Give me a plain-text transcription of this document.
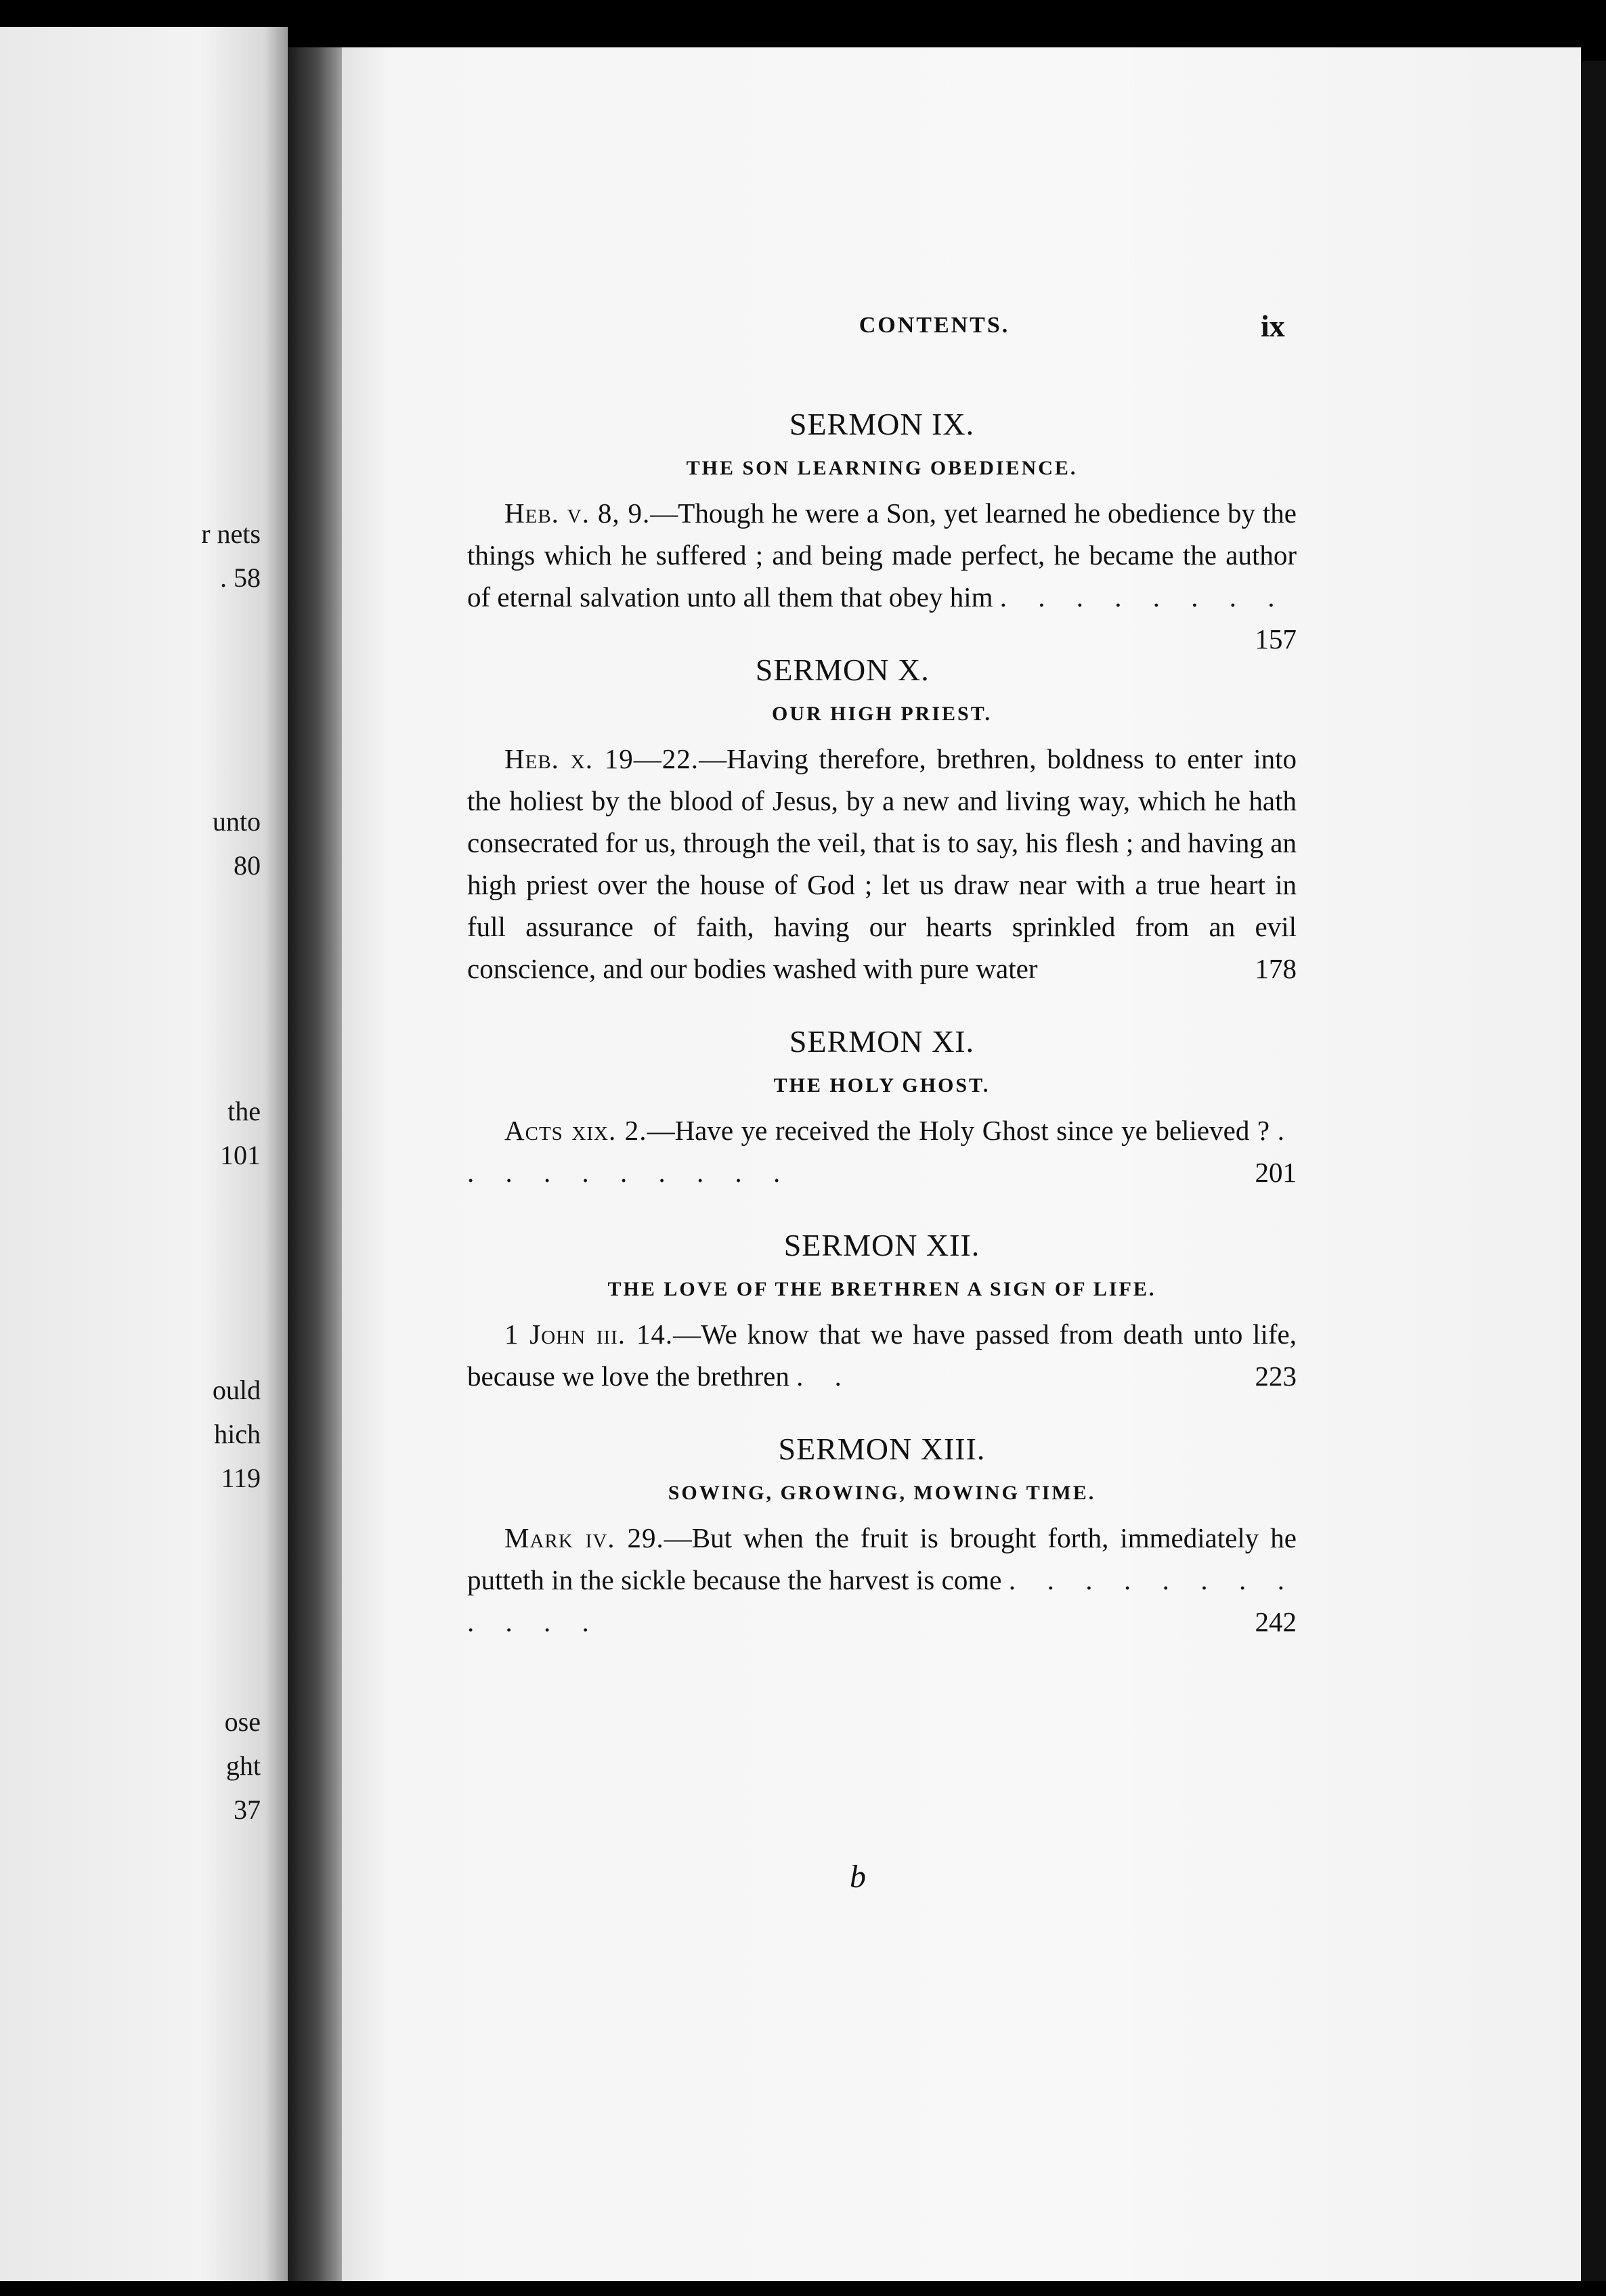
r nets
. 58
unto
80
the
101
ould
hich
119
ose
ght
37
CONTENTS.	ix
SERMON IX.
THE SON LEARNING OBEDIENCE.

Heb. v. 8, 9.—Though he were a Son, yet learned he obedience by the things which he suffered ; and being made perfect, he became the author of eternal salvation unto all them that obey him . . . . . . . .
157

SERMON X.
OUR HIGH PRIEST.

Heb. x. 19—22.—Having therefore, brethren, boldness to enter into the holiest by the blood of Jesus, by a new and living way, which he hath consecrated for us, through the veil, that is to say, his flesh ; and having an high priest over the house of God ; let us draw near with a true heart in full assurance of faith, having our hearts sprinkled from an evil conscience, and our bodies washed with pure water	178

SERMON XI.
THE HOLY GHOST.

Acts xix. 2.—Have ye received the Holy Ghost since ye believed ? . . . . . . . . . .	201

SERMON XII.
THE LOVE OF THE BRETHREN A SIGN OF LIFE.

1 John iii. 14.—We know that we have passed from death unto life, because we love the brethren . .	223

SERMON XIII.
SOWING, GROWING, MOWING TIME.

Mark iv. 29.—But when the fruit is brought forth, immediately he putteth in the sickle because the harvest is come . . . . . . . . . . . .	242

b
